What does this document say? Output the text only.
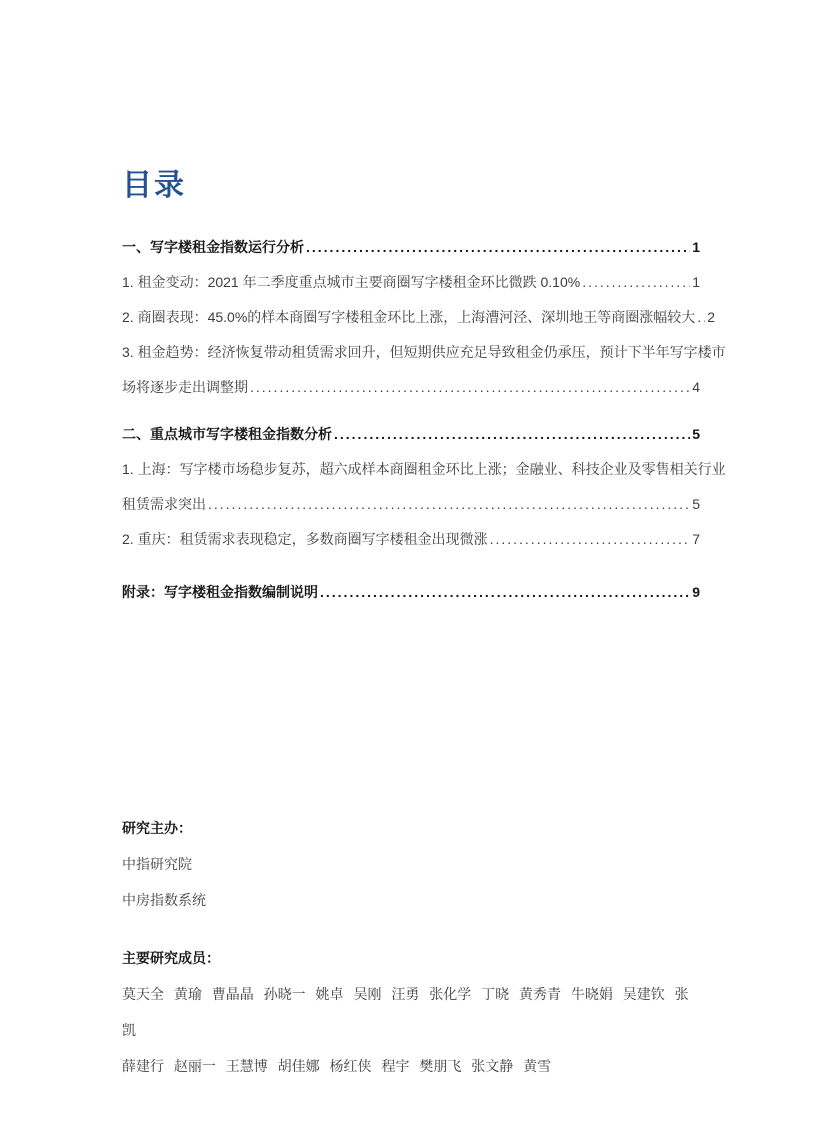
目录
一、写字楼租金指数运行分析 .....	1
1. 租金变动：2021 年二季度重点城市主要商圈写字楼租金环比微跌 0.10% .....	1
2. 商圈表现：45.0%的样本商圈写字楼租金环比上涨，上海漕河泾、深圳地王等商圈涨幅较大 ..... 2
3. 租金趋势：经济恢复带动租赁需求回升，但短期供应充足导致租金仍承压，预计下半年写字楼市
场将逐步走出调整期 .....	4
二、重点城市写字楼租金指数分析 .....	5
1. 上海：写字楼市场稳步复苏，超六成样本商圈租金环比上涨；金融业、科技企业及零售相关行业
租赁需求突出 .....	5
2. 重庆：租赁需求表现稳定，多数商圈写字楼租金出现微涨 .....	7
附录：写字楼租金指数编制说明 .....	9
研究主办：
中指研究院
中房指数系统
主要研究成员：
莫天全 黄瑜 曹晶晶 孙晓一 姚卓 吴刚 汪勇 张化学 丁晓 黄秀青 牛晓娟 吴建钦 张凯
薛建行 赵丽一 王慧博 胡佳娜 杨红侠 程宇 樊朋飞 张文静 黄雪
